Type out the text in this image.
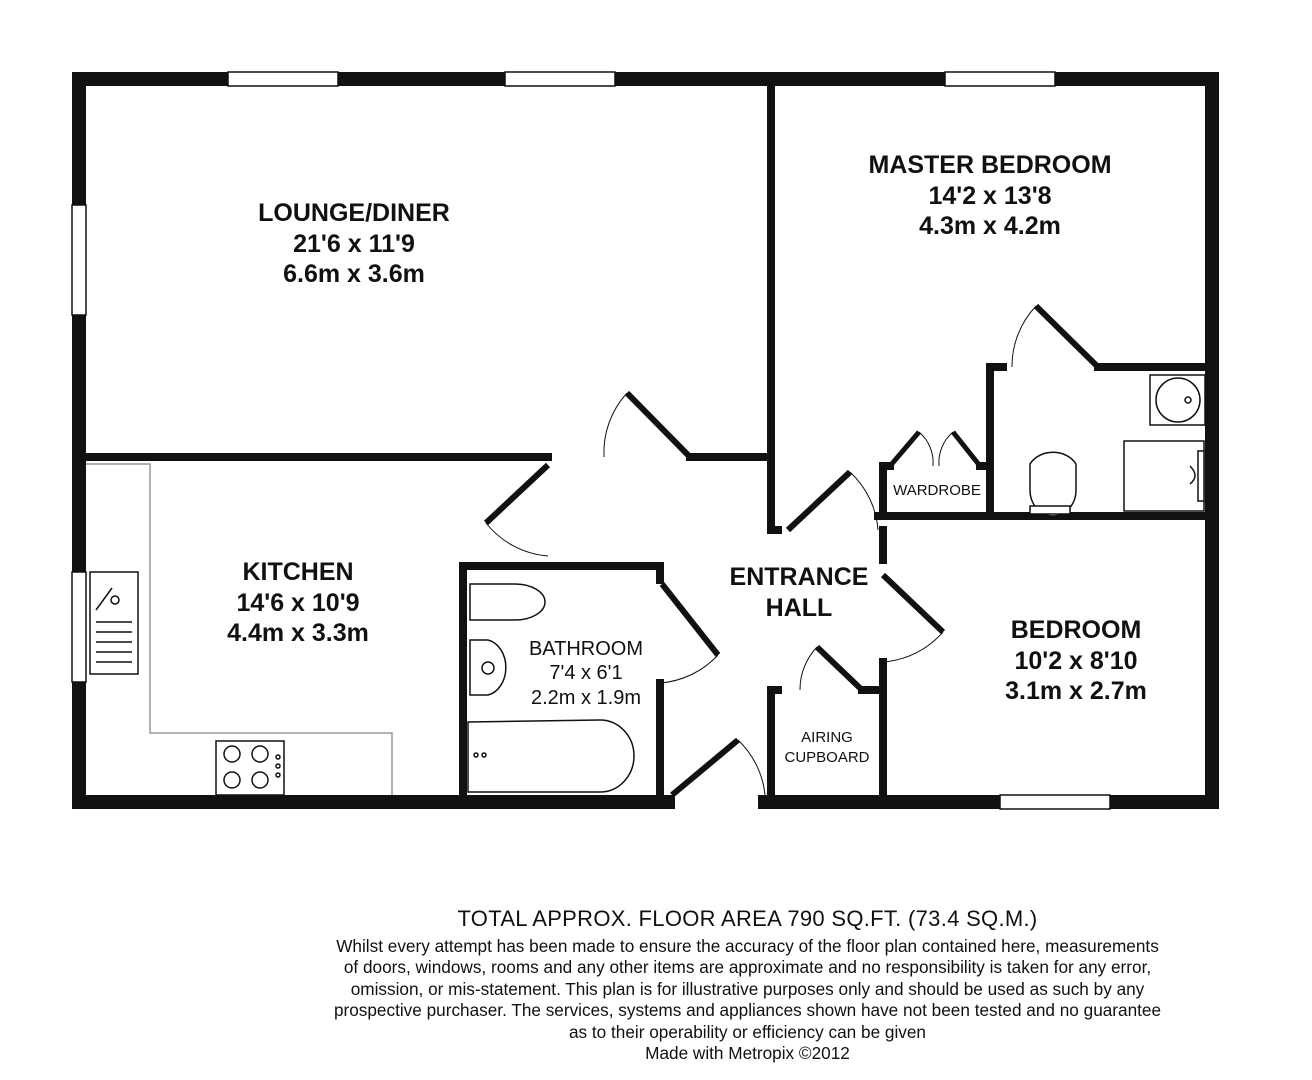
LOUNGE/DINER
21'6 x 11'9
6.6m x 3.6m
MASTER BEDROOM
14'2 x 13'8
4.3m x 4.2m
KITCHEN
14'6 x 10'9
4.4m x 3.3m
BATHROOM
7'4 x 6'1
2.2m x 1.9m
ENTRANCE
HALL
BEDROOM
10'2 x 8'10
3.1m x 2.7m
WARDROBE
AIRING
CUPBOARD
TOTAL APPROX. FLOOR AREA 790 SQ.FT. (73.4 SQ.M.)
Whilst every attempt has been made to ensure the accuracy of the floor plan contained here, measurements
of doors, windows, rooms and any other items are approximate and no responsibility is taken for any error,
omission, or mis-statement. This plan is for illustrative purposes only and should be used as such by any
prospective purchaser. The services, systems and appliances shown have not been tested and no guarantee
as to their operability or efficiency can be given
Made with Metropix ©2012
